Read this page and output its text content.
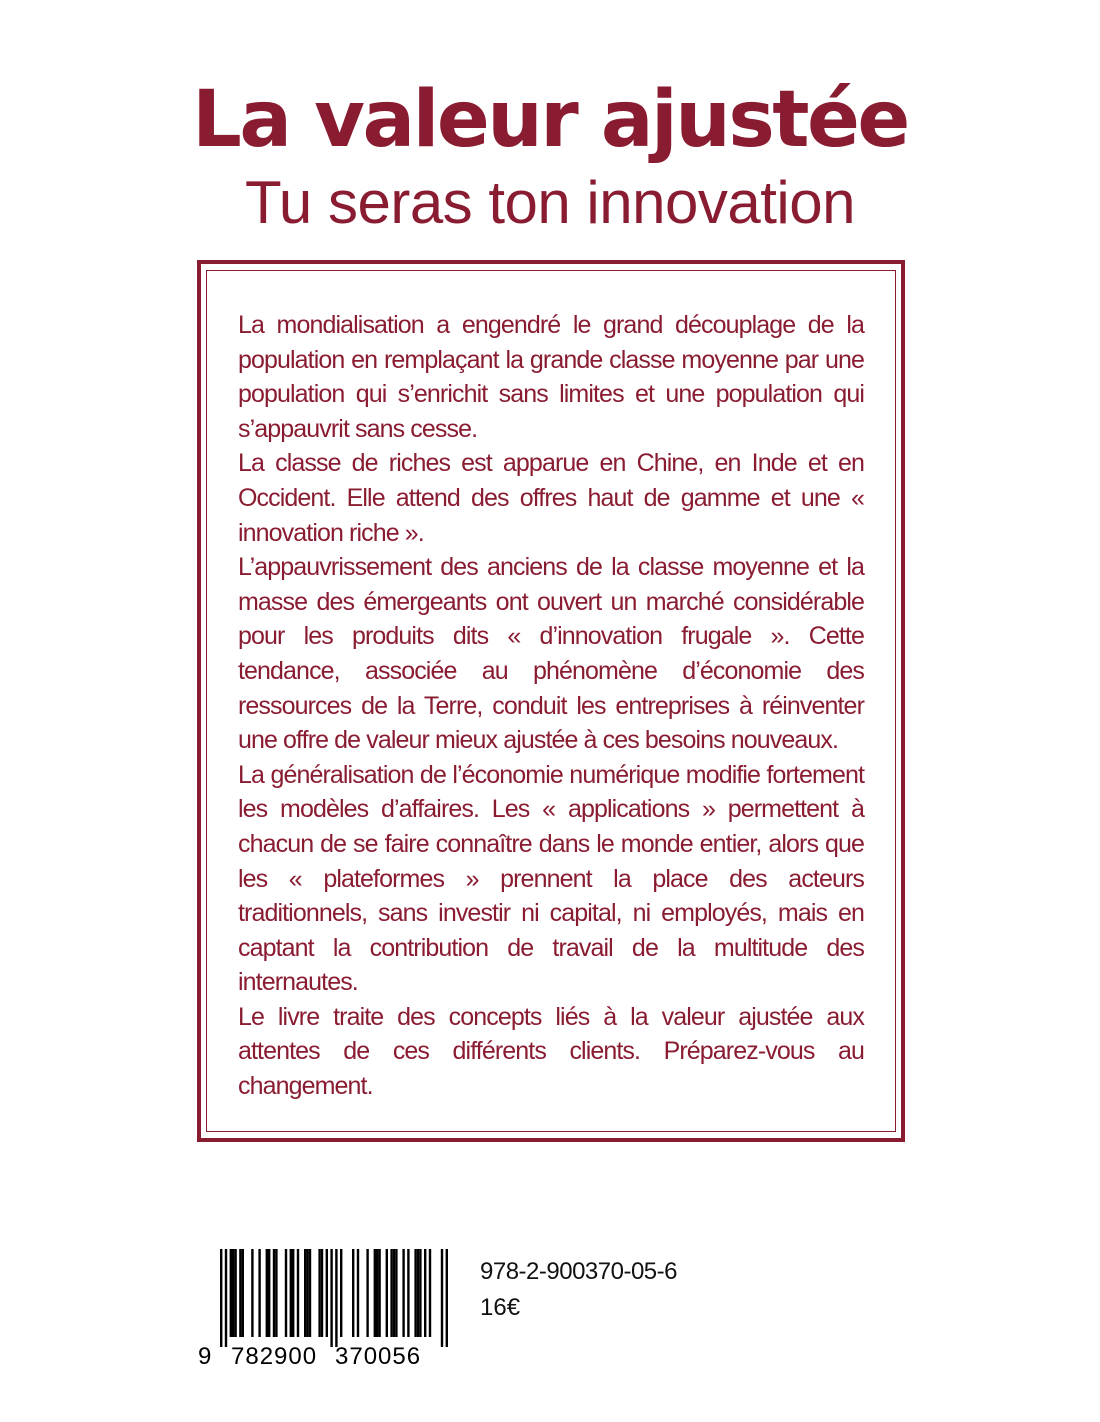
La valeur ajustée
Tu seras ton innovation

La mondialisation a engendré le grand découplage de la population en remplaçant la grande classe moyenne par une population qui s’enrichit sans limites et une population qui s’appauvrit sans cesse.

La classe de riches est apparue en Chine, en Inde et en Occident. Elle attend des offres haut de gamme et une « innovation riche ».

L’appauvrissement des anciens de la classe moyenne et la masse des émergeants ont ouvert un marché considérable pour les produits dits « d’innovation frugale ». Cette tendance, associée au phénomène d’économie des ressources de la Terre, conduit les entreprises à réinventer une offre de valeur mieux ajustée à ces besoins nouveaux.

La généralisation de l’économie numérique modifie fortement les modèles d’affaires. Les « applications » permettent à chacun de se faire connaître dans le monde entier, alors que les « plateformes » prennent la place des acteurs traditionnels, sans investir ni capital, ni employés, mais en captant la contribution de travail de la multitude des internautes.

Le livre traite des concepts liés à la valeur ajustée aux attentes de ces différents clients. Préparez-vous au changement.

9 782900 370056
978-2-900370-05-6
16€
